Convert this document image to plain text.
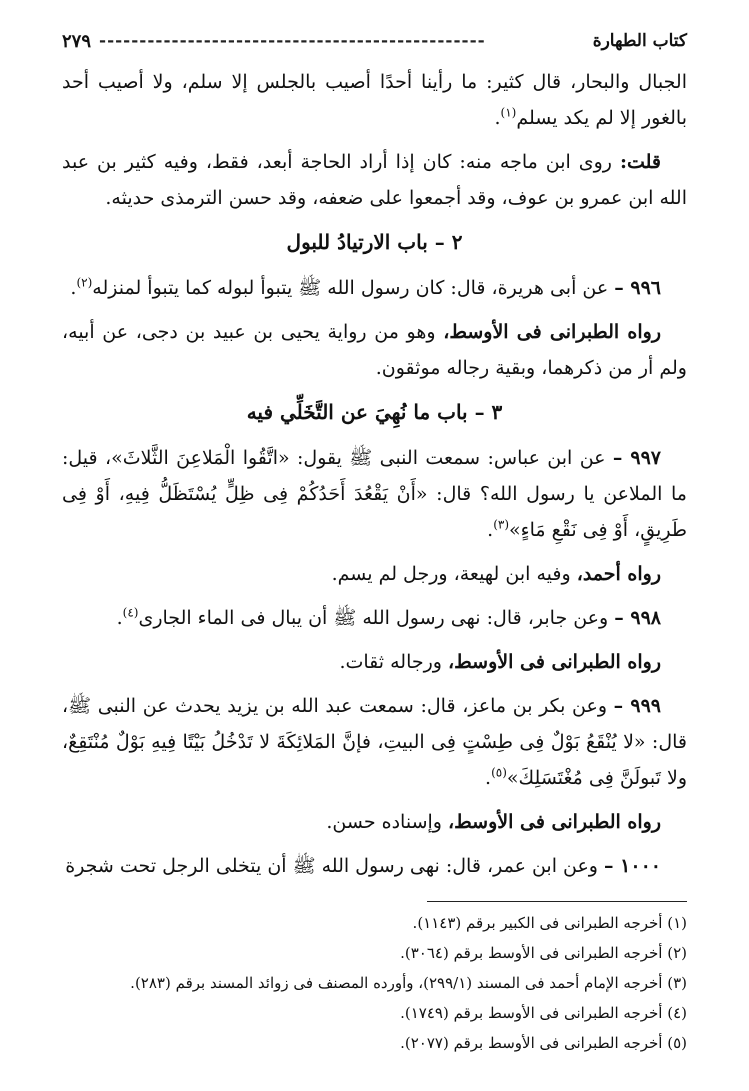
كتاب الطهارة
------------------------------------------------
٢٧٩

الجبال والبحار، قال كثير: ما رأينا أحدًا أصيب بالجلس إلا سلم، ولا أصيب أحد بالغور إلا لم يكد يسلم$^{(١)}$.

قلت: روى ابن ماجه منه: كان إذا أراد الحاجة أبعد، فقط، وفيه كثير بن عبد الله ابن عمرو بن عوف، وقد أجمعوا على ضعفه، وقد حسن الترمذى حديثه.

٢ – باب الارتيادُ للبول

٩٩٦ – عن أبى هريرة، قال: كان رسول الله ﷺ يتبوأ لبوله كما يتبوأ لمنزله$^{(٢)}$.

رواه الطبرانى فى الأوسط، وهو من رواية يحيى بن عبيد بن دجى، عن أبيه، ولم أر من ذكرهما، وبقية رجاله موثقون.

٣ – باب ما نُهِيَ عن التَّخَلِّي فيه

٩٩٧ – عن ابن عباس: سمعت النبى ﷺ يقول: «اتَّقُوا الْمَلاعِنَ الثَّلاثَ»، قيل: ما الملاعن يا رسول الله؟ قال: «أَنْ يَقْعُدَ أَحَدُكُمْ فِى ظِلٍّ يُسْتَظَلُّ فِيهِ، أَوْ فِى طَرِيقٍ، أَوْ فِى نَقْعِ مَاءٍ»$^{(٣)}$.

رواه أحمد، وفيه ابن لهيعة، ورجل لم يسم.

٩٩٨ – وعن جابر، قال: نهى رسول الله ﷺ أن يبال فى الماء الجارى$^{(٤)}$.

رواه الطبرانى فى الأوسط، ورجاله ثقات.

٩٩٩ – وعن بكر بن ماعز، قال: سمعت عبد الله بن يزيد يحدث عن النبى ﷺ، قال: «لا يُنْقَعُ بَوْلٌ فِى طِسْتٍ فِى البيتِ، فإنَّ المَلائِكَةَ لا تَدْخُلُ بَيْتًا فِيهِ بَوْلٌ مُنْتَقِعٌ، ولا تَبولَنَّ فِى مُغْتَسَلِكَ»$^{(٥)}$.

رواه الطبرانى فى الأوسط، وإسناده حسن.

١٠٠٠ – وعن ابن عمر، قال: نهى رسول الله ﷺ أن يتخلى الرجل تحت شجرة

(١) أخرجه الطبرانى فى الكبير برقم (١١٤٣).

(٢) أخرجه الطبرانى فى الأوسط برقم (٣٠٦٤).

(٣) أخرجه الإمام أحمد فى المسند (٢٩٩/١)، وأورده المصنف فى زوائد المسند برقم (٢٨٣).

(٤) أخرجه الطبرانى فى الأوسط برقم (١٧٤٩).

(٥) أخرجه الطبرانى فى الأوسط برقم (٢٠٧٧).
